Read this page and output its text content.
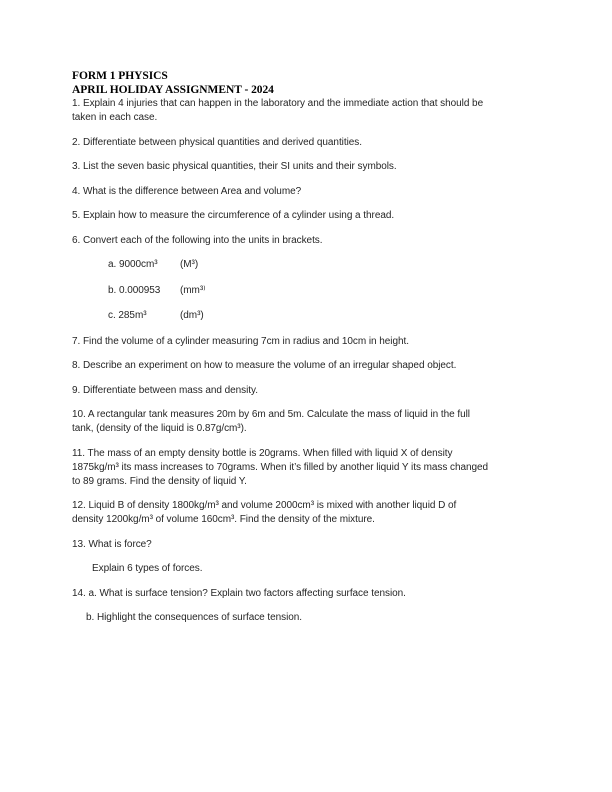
FORM 1 PHYSICS
APRIL HOLIDAY ASSIGNMENT - 2024

1. Explain 4 injuries that can happen in the laboratory and the immediate action that should be
taken in each case.

2. Differentiate between physical quantities and derived quantities.

3. List the seven basic physical quantities, their SI units and their symbols.

4. What is the difference between Area and volume?

5. Explain how to measure the circumference of a cylinder using a thread.

6. Convert each of the following into the units in brackets.

a. 9000cm³	(M³)
b. 0.000953	(mm³⁾
c. 285m³	(dm³)

7. Find the volume of a cylinder measuring 7cm in radius and 10cm in height.

8. Describe an experiment on how to measure the volume of an irregular shaped object.

9. Differentiate between mass and density.

10. A rectangular tank measures 20m by 6m and 5m. Calculate the mass of liquid in the full
tank, (density of the liquid is 0.87g/cm³).

11. The mass of an empty density bottle is 20grams. When filled with liquid X of density
1875kg/m³ its mass increases to 70grams. When it’s filled by another liquid Y its mass changed
to 89 grams. Find the density of liquid Y.

12. Liquid B of density 1800kg/m³ and volume 2000cm³ is mixed with another liquid D of
density 1200kg/m³ of volume 160cm³. Find the density of the mixture.

13. What is force?

Explain 6 types of forces.

14. a. What is surface tension? Explain two factors affecting surface tension.

b. Highlight the consequences of surface tension.
